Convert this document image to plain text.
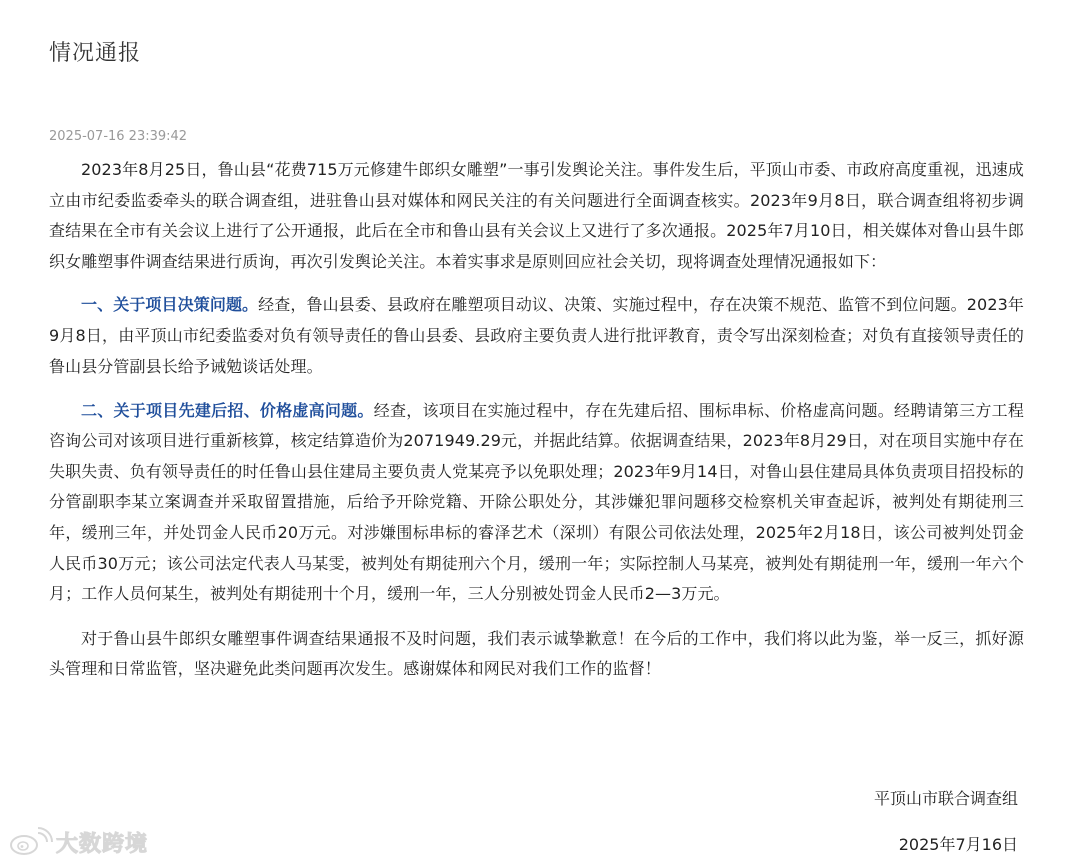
情况通报
2025-07-16 23:39:42

2023年8月25日，鲁山县“花费715万元修建牛郎织女雕塑”一事引发舆论关注。事件发生后，平顶山市委、市政府高度重视，迅速成立由市纪委监委牵头的联合调查组，进驻鲁山县对媒体和网民关注的有关问题进行全面调查核实。2023年9月8日，联合调查组将初步调查结果在全市有关会议上进行了公开通报，此后在全市和鲁山县有关会议上又进行了多次通报。2025年7月10日，相关媒体对鲁山县牛郎织女雕塑事件调查结果进行质询，再次引发舆论关注。本着实事求是原则回应社会关切，现将调查处理情况通报如下：

一、关于项目决策问题。经查，鲁山县委、县政府在雕塑项目动议、决策、实施过程中，存在决策不规范、监管不到位问题。2023年9月8日，由平顶山市纪委监委对负有领导责任的鲁山县委、县政府主要负责人进行批评教育，责令写出深刻检查；对负有直接领导责任的鲁山县分管副县长给予诫勉谈话处理。

二、关于项目先建后招、价格虚高问题。经查，该项目在实施过程中，存在先建后招、围标串标、价格虚高问题。经聘请第三方工程咨询公司对该项目进行重新核算，核定结算造价为2071949.29元，并据此结算。依据调查结果，2023年8月29日，对在项目实施中存在失职失责、负有领导责任的时任鲁山县住建局主要负责人党某亮予以免职处理；2023年9月14日，对鲁山县住建局具体负责项目招投标的分管副职李某立案调查并采取留置措施，后给予开除党籍、开除公职处分，其涉嫌犯罪问题移交检察机关审查起诉，被判处有期徒刑三年，缓刑三年，并处罚金人民币20万元。对涉嫌围标串标的睿泽艺术（深圳）有限公司依法处理，2025年2月18日，该公司被判处罚金人民币30万元；该公司法定代表人马某雯，被判处有期徒刑六个月，缓刑一年；实际控制人马某亮，被判处有期徒刑一年，缓刑一年六个月；工作人员何某生，被判处有期徒刑十个月，缓刑一年，三人分别被处罚金人民币2—3万元。

对于鲁山县牛郎织女雕塑事件调查结果通报不及时问题，我们表示诚挚歉意！在今后的工作中，我们将以此为鉴，举一反三，抓好源头管理和日常监管，坚决避免此类问题再次发生。感谢媒体和网民对我们工作的监督！

平顶山市联合调查组
2025年7月16日
大数跨境
